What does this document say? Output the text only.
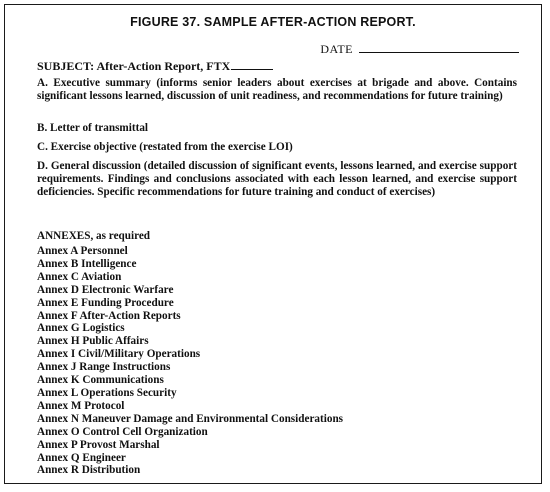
FIGURE 37. SAMPLE AFTER-ACTION REPORT.
DATE
SUBJECT: After-Action Report, FTX
A. Executive summary (informs senior leaders about exercises at brigade and above. Contains significant lessons learned, discussion of unit readiness, and recommendations for future training)
B. Letter of transmittal
C. Exercise objective (restated from the exercise LOI)
D. General discussion (detailed discussion of significant events, lessons learned, and exercise support requirements. Findings and conclusions associated with each lesson learned, and exercise support deficiencies. Specific recommendations for future training and conduct of exercises)
ANNEXES, as required
Annex A Personnel
Annex B Intelligence
Annex C Aviation
Annex D Electronic Warfare
Annex E Funding Procedure
Annex F After-Action Reports
Annex G Logistics
Annex H Public Affairs
Annex I Civil/Military Operations
Annex J Range Instructions
Annex K Communications
Annex L Operations Security
Annex M Protocol
Annex N Maneuver Damage and Environmental Considerations
Annex O Control Cell Organization
Annex P Provost Marshal
Annex Q Engineer
Annex R Distribution
